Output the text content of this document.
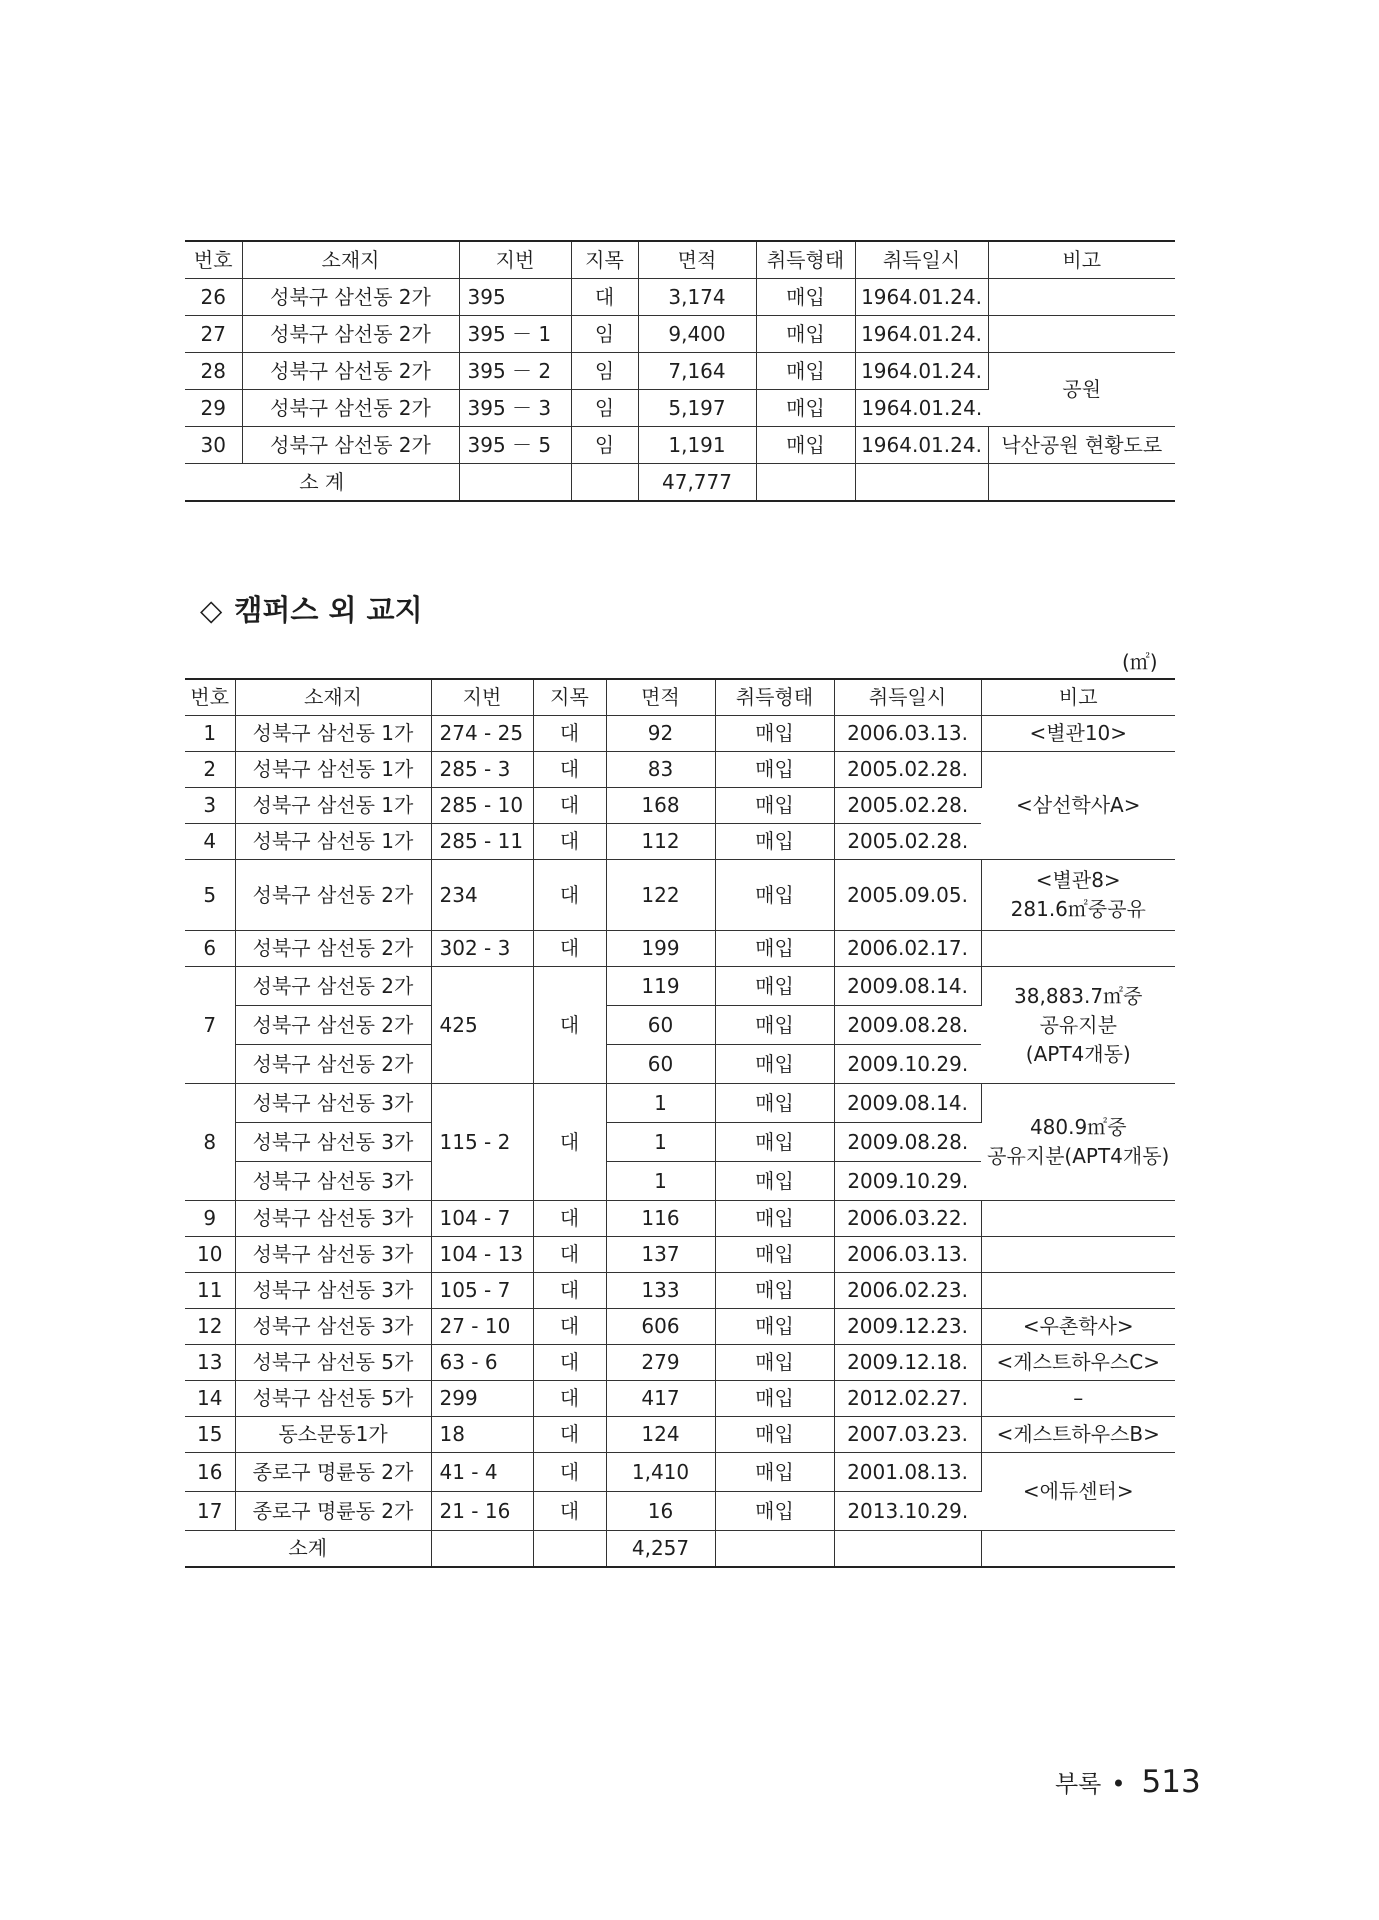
번호	소재지	지번	지목	면적	취득형태	취득일시	비고
26	성북구 삼선동 2가	395	대	3,174	매입	1964.01.24.	
27	성북구 삼선동 2가	395 － 1	임	9,400	매입	1964.01.24.	
28	성북구 삼선동 2가	395 － 2	임	7,164	매입	1964.01.24.	공원
29	성북구 삼선동 2가	395 － 3	임	5,197	매입	1964.01.24.	
30	성북구 삼선동 2가	395 － 5	임	1,191	매입	1964.01.24.	낙산공원 현황도로
소 계				47,777			
◇ 캠퍼스 외 교지
(㎡)
번호	소재지	지번	지목	면적	취득형태	취득일시	비고
1	성북구 삼선동 1가	274 - 25	대	92	매입	2006.03.13.	<별관10>
2	성북구 삼선동 1가	285 - 3	대	83	매입	2005.02.28.	<삼선학사A>
3	성북구 삼선동 1가	285 - 10	대	168	매입	2005.02.28.	
4	성북구 삼선동 1가	285 - 11	대	112	매입	2005.02.28.	
5	성북구 삼선동 2가	234	대	122	매입	2005.09.05.	<별관8>
281.6㎡중공유

6	성북구 삼선동 2가	302 - 3	대	199	매입	2006.02.17.	
7	성북구 삼선동 2가	425	대	119	매입	2009.08.14.	38,883.7㎡중
공유지분
(APT4개동)

	성북구 삼선동 2가			60	매입	2009.08.28.	
	성북구 삼선동 2가			60	매입	2009.10.29.	
8	성북구 삼선동 3가	115 - 2	대	1	매입	2009.08.14.	480.9㎡중
공유지분(APT4개동)

	성북구 삼선동 3가			1	매입	2009.08.28.	
	성북구 삼선동 3가			1	매입	2009.10.29.	
9	성북구 삼선동 3가	104 - 7	대	116	매입	2006.03.22.	
10	성북구 삼선동 3가	104 - 13	대	137	매입	2006.03.13.	
11	성북구 삼선동 3가	105 - 7	대	133	매입	2006.02.23.	
12	성북구 삼선동 3가	27 - 10	대	606	매입	2009.12.23.	<우촌학사>
13	성북구 삼선동 5가	63 - 6	대	279	매입	2009.12.18.	<게스트하우스C>
14	성북구 삼선동 5가	299	대	417	매입	2012.02.27.	–
15	동소문동1가	18	대	124	매입	2007.03.23.	<게스트하우스B>
16	종로구 명륜동 2가	41 - 4	대	1,410	매입	2001.08.13.	<에듀센터>
17	종로구 명륜동 2가	21 - 16	대	16	매입	2013.10.29.	
소계				4,257			
부록 • 513
